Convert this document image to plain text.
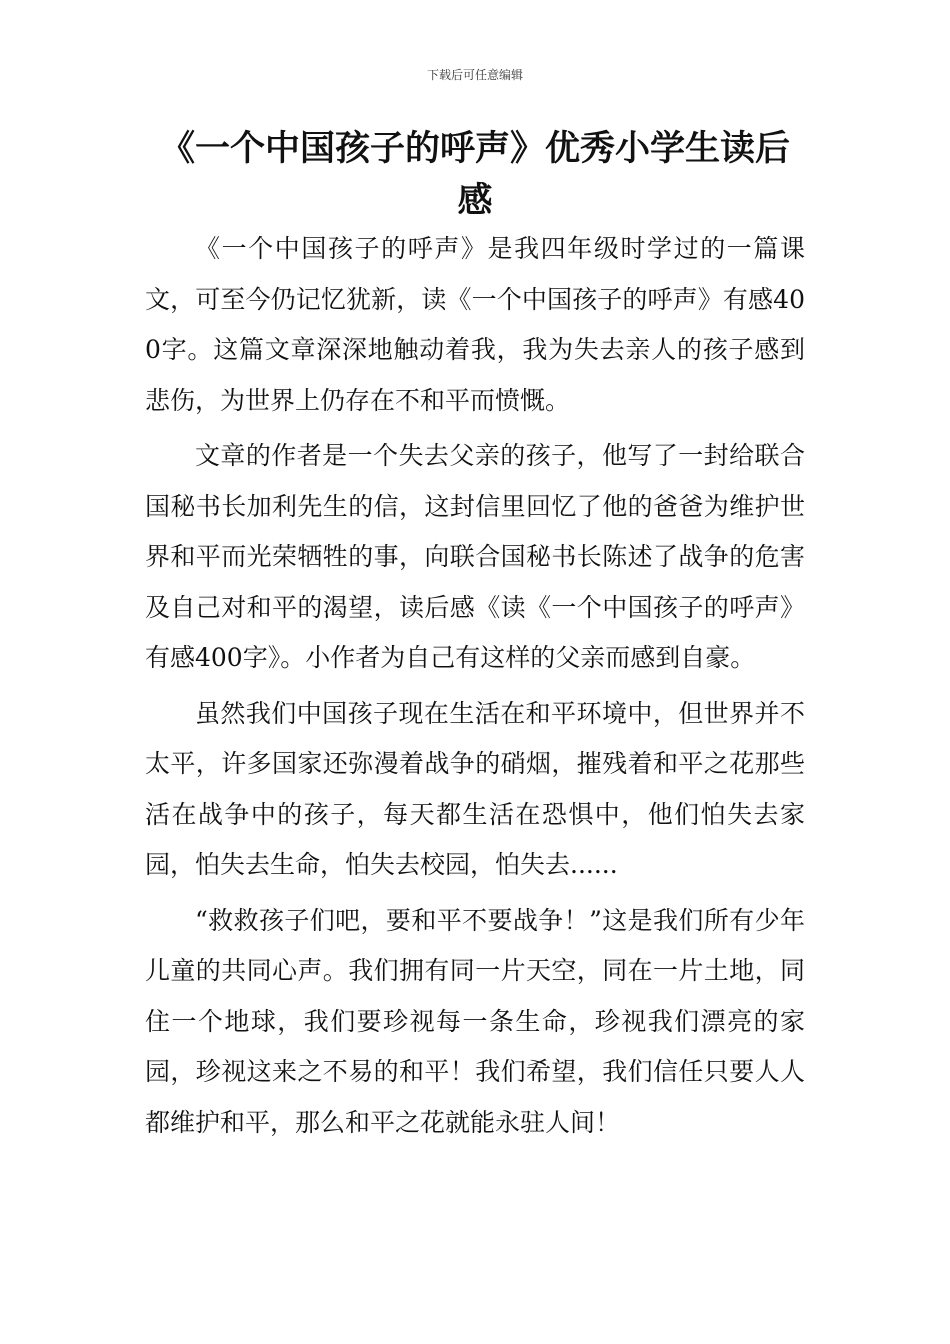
下载后可任意编辑
《一个中国孩子的呼声》优秀小学生读后感

《一个中国孩子的呼声》是我四年级时学过的一篇课文，可至今仍记忆犹新，读《一个中国孩子的呼声》有感400字。这篇文章深深地触动着我，我为失去亲人的孩子感到悲伤，为世界上仍存在不和平而愤慨。

文章的作者是一个失去父亲的孩子，他写了一封给联合国秘书长加利先生的信，这封信里回忆了他的爸爸为维护世界和平而光荣牺牲的事，向联合国秘书长陈述了战争的危害及自己对和平的渴望，读后感《读《一个中国孩子的呼声》有感400字》。小作者为自己有这样的父亲而感到自豪。

虽然我们中国孩子现在生活在和平环境中，但世界并不太平，许多国家还弥漫着战争的硝烟，摧残着和平之花那些活在战争中的孩子，每天都生活在恐惧中，他们怕失去家园，怕失去生命，怕失去校园，怕失去......

“救救孩子们吧，要和平不要战争！”这是我们所有少年儿童的共同心声。我们拥有同一片天空，同在一片土地，同住一个地球，我们要珍视每一条生命，珍视我们漂亮的家园，珍视这来之不易的和平！我们希望，我们信任只要人人都维护和平，那么和平之花就能永驻人间！
